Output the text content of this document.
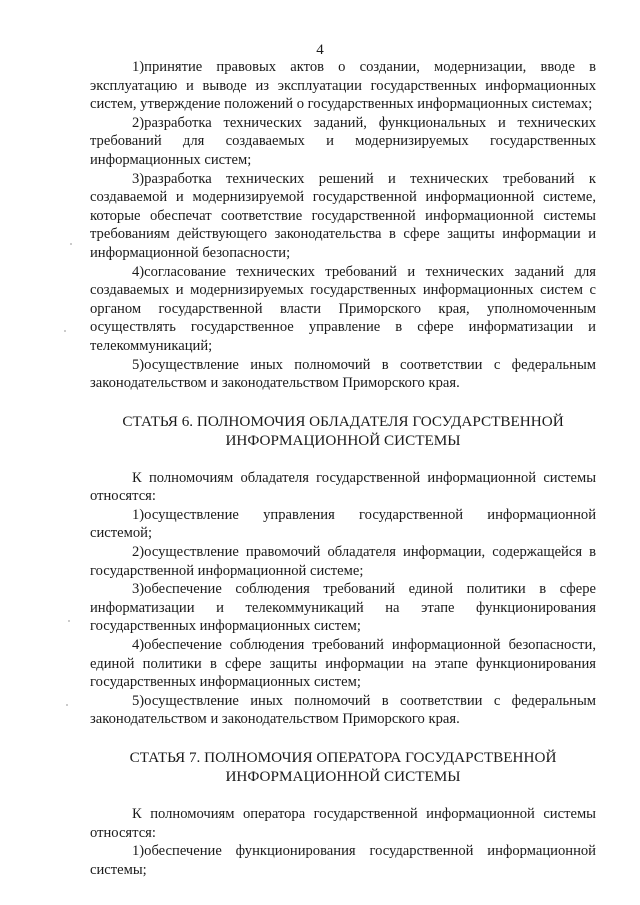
4

1)принятие правовых актов о создании, модернизации, вводе в эксплуатацию и выводе из эксплуатации государственных информационных систем, утверждение положений о государственных информационных системах;

2)разработка технических заданий, функциональных и технических требований для создаваемых и модернизируемых государственных информационных систем;

3)разработка технических решений и технических требований к создаваемой и модернизируемой государственной информационной системе, которые обеспечат соответствие государственной информационной системы требованиям действующего законодательства в сфере защиты информации и информационной безопасности;

4)согласование технических требований и технических заданий для создаваемых и модернизируемых государственных информационных систем с органом государственной власти Приморского края, уполномоченным осуществлять государственное управление в сфере информатизации и телекоммуникаций;

5)осуществление иных полномочий в соответствии с федеральным законодательством и законодательством Приморского края.

СТАТЬЯ 6. ПОЛНОМОЧИЯ ОБЛАДАТЕЛЯ ГОСУДАРСТВЕННОЙ

ИНФОРМАЦИОННОЙ СИСТЕМЫ

К полномочиям обладателя государственной информационной системы относятся:

1)осуществление управления государственной информационной системой;

2)осуществление правомочий обладателя информации, содержащейся в государственной информационной системе;

3)обеспечение соблюдения требований единой политики в сфере информатизации и телекоммуникаций на этапе функционирования государственных информационных систем;

4)обеспечение соблюдения требований информационной безопасности, единой политики в сфере защиты информации на этапе функционирования государственных информационных систем;

5)осуществление иных полномочий в соответствии с федеральным законодательством и законодательством Приморского края.

СТАТЬЯ 7. ПОЛНОМОЧИЯ ОПЕРАТОРА ГОСУДАРСТВЕННОЙ

ИНФОРМАЦИОННОЙ СИСТЕМЫ

К полномочиям оператора государственной информационной системы относятся:

1)обеспечение функционирования государственной информационной системы;
